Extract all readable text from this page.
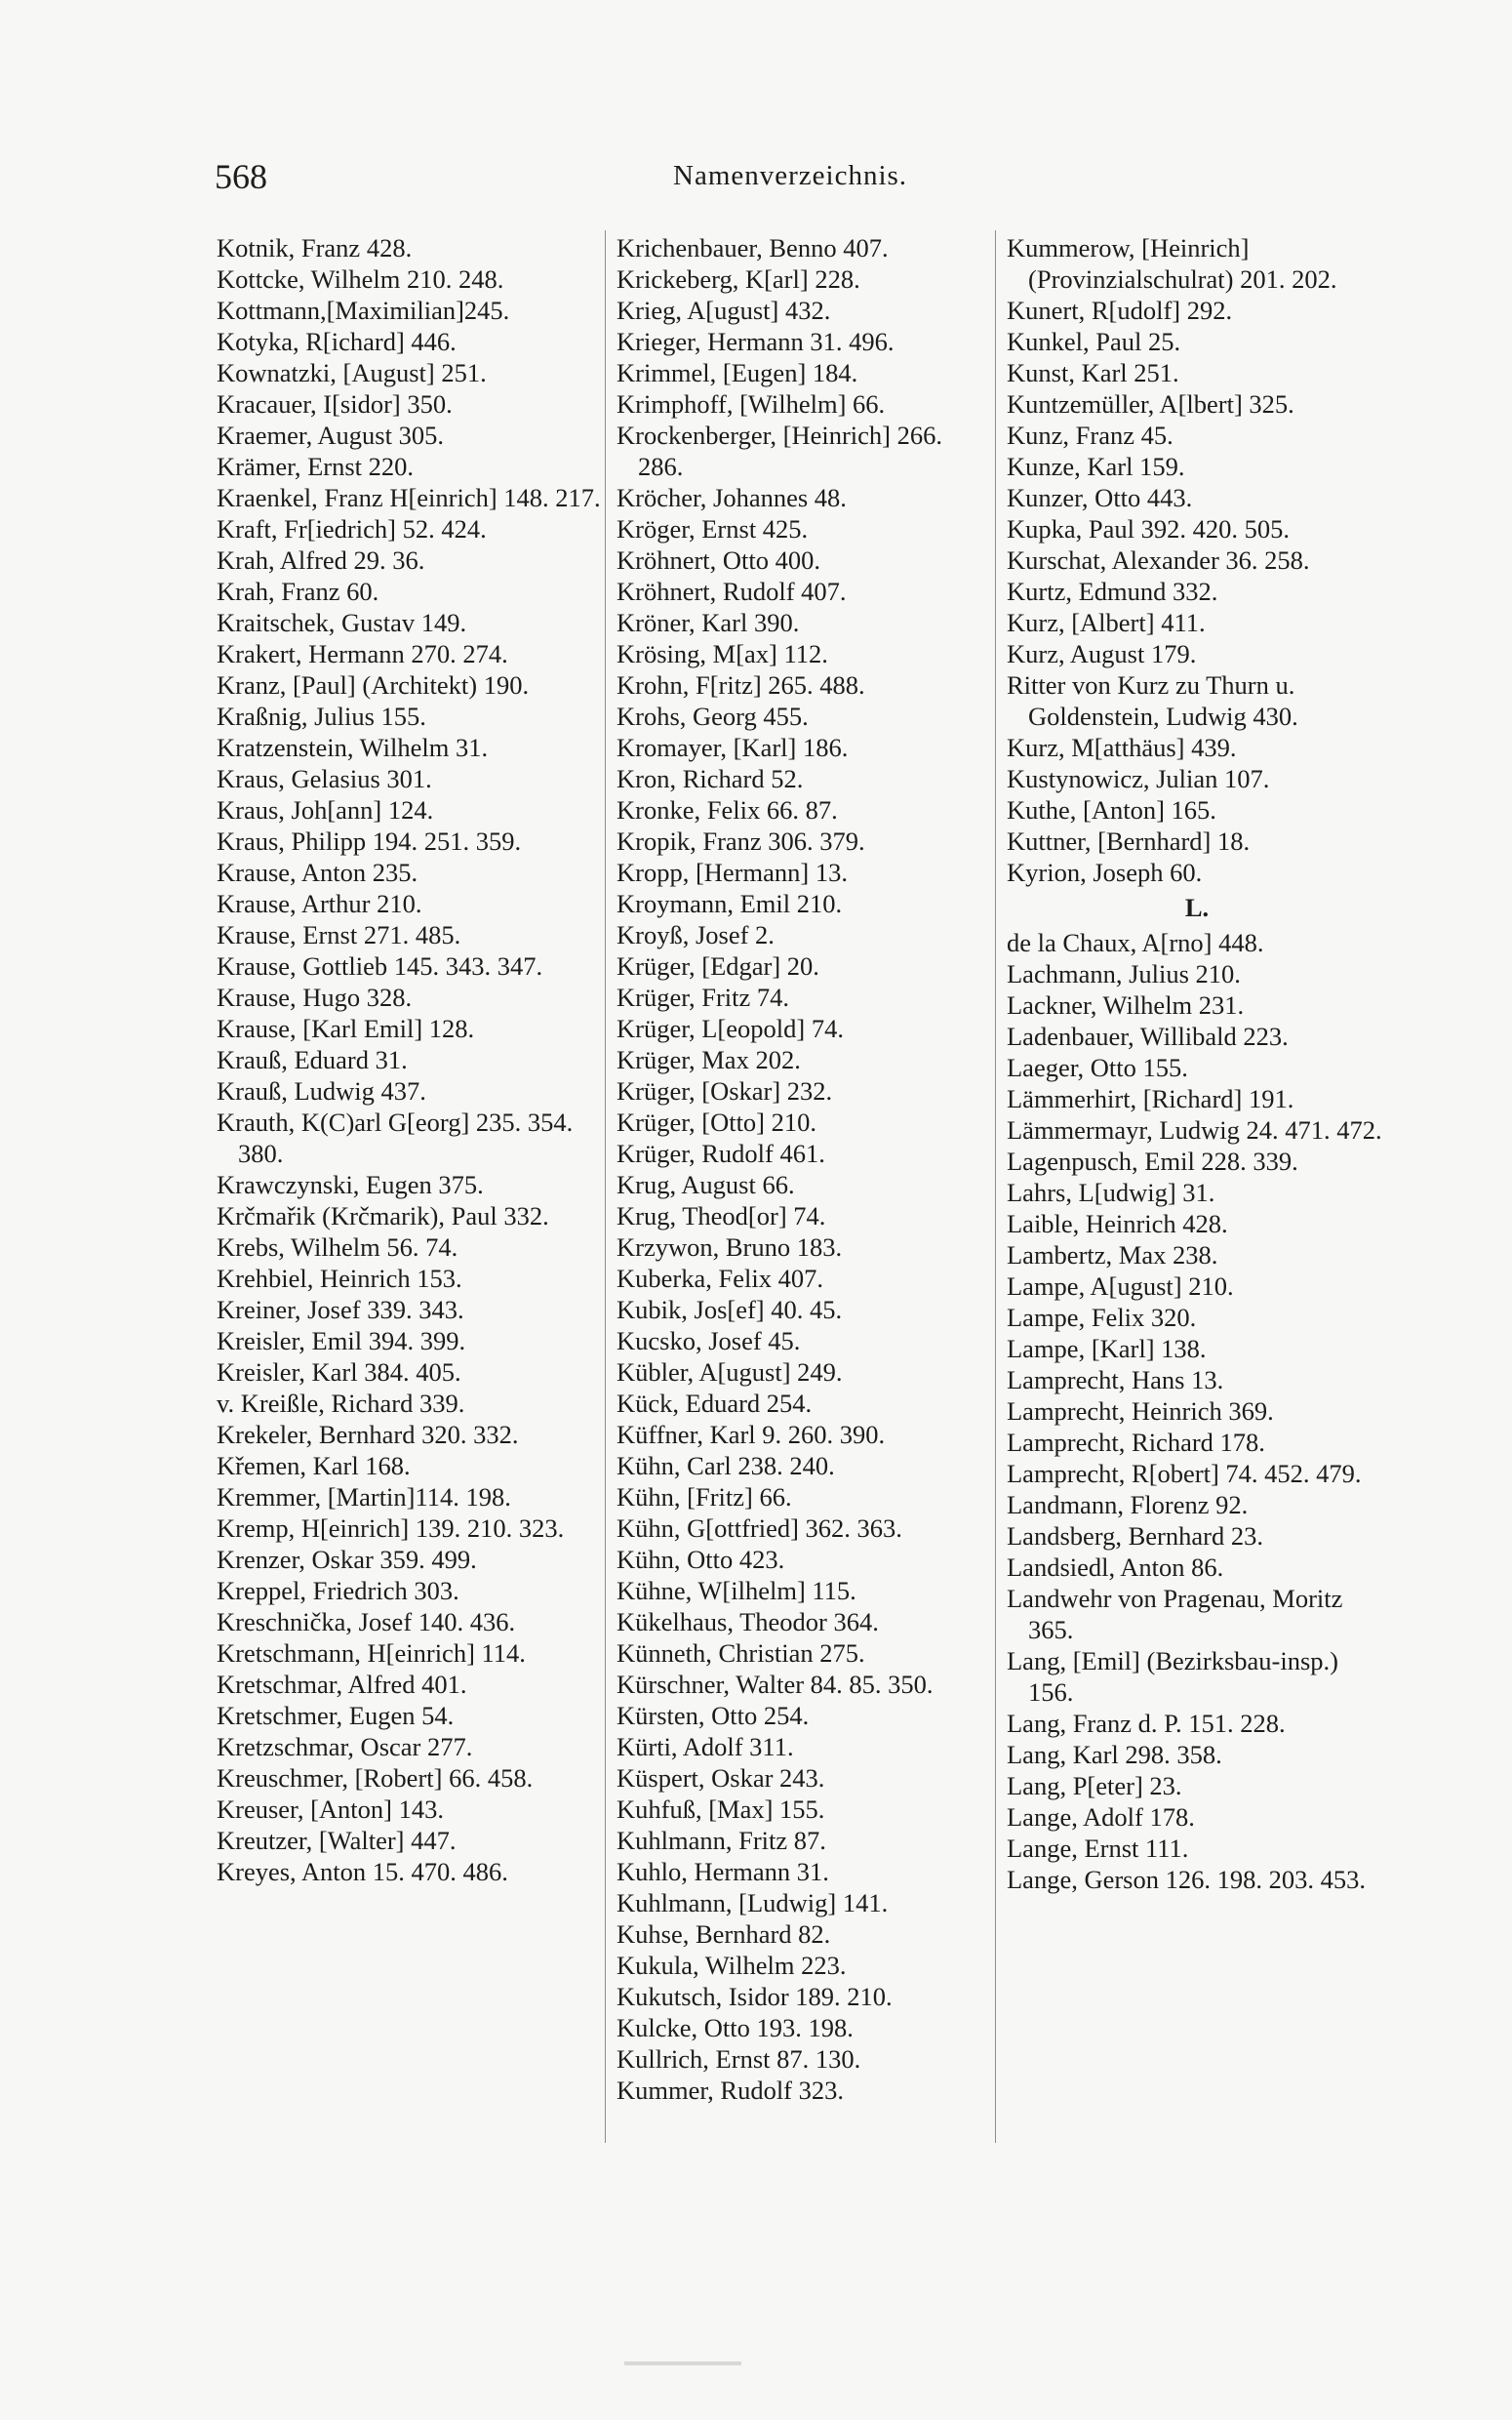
568	Namenverzeichnis.
Kotnik, Franz 428.
Kottcke, Wilhelm 210. 248.
Kottmann,[Maximilian]245.
Kotyka, R[ichard] 446.
Kownatzki, [August] 251.
Kracauer, I[sidor] 350.
Kraemer, August 305.
Krämer, Ernst 220.
Kraenkel, Franz H[einrich] 148. 217.
Kraft, Fr[iedrich] 52. 424.
Krah, Alfred 29. 36.
Krah, Franz 60.
Kraitschek, Gustav 149.
Krakert, Hermann 270. 274.
Kranz, [Paul] (Architekt) 190.
Kraßnig, Julius 155.
Kratzenstein, Wilhelm 31.
Kraus, Gelasius 301.
Kraus, Joh[ann] 124.
Kraus, Philipp 194. 251. 359.
Krause, Anton 235.
Krause, Arthur 210.
Krause, Ernst 271. 485.
Krause, Gottlieb 145. 343. 347.
Krause, Hugo 328.
Krause, [Karl Emil] 128.
Krauß, Eduard 31.
Krauß, Ludwig 437.
Krauth, K(C)arl G[eorg] 235. 354. 380.
Krawczynski, Eugen 375.
Krčmařik (Krčmarik), Paul 332.
Krebs, Wilhelm 56. 74.
Krehbiel, Heinrich 153.
Kreiner, Josef 339. 343.
Kreisler, Emil 394. 399.
Kreisler, Karl 384. 405.
v. Kreißle, Richard 339.
Krekeler, Bernhard 320. 332.
Křemen, Karl 168.
Kremmer, [Martin]114. 198.
Kremp, H[einrich] 139. 210. 323.
Krenzer, Oskar 359. 499.
Kreppel, Friedrich 303.
Kreschnička, Josef 140. 436.
Kretschmann, H[einrich] 114.
Kretschmar, Alfred 401.
Kretschmer, Eugen 54.
Kretzschmar, Oscar 277.
Kreuschmer, [Robert] 66. 458.
Kreuser, [Anton] 143.
Kreutzer, [Walter] 447.
Kreyes, Anton 15. 470. 486.
Krichenbauer, Benno 407.
Krickeberg, K[arl] 228.
Krieg, A[ugust] 432.
Krieger, Hermann 31. 496.
Krimmel, [Eugen] 184.
Krimphoff, [Wilhelm] 66.
Krockenberger, [Heinrich] 266. 286.
Kröcher, Johannes 48.
Kröger, Ernst 425.
Kröhnert, Otto 400.
Kröhnert, Rudolf 407.
Kröner, Karl 390.
Krösing, M[ax] 112.
Krohn, F[ritz] 265. 488.
Krohs, Georg 455.
Kromayer, [Karl] 186.
Kron, Richard 52.
Kronke, Felix 66. 87.
Kropik, Franz 306. 379.
Kropp, [Hermann] 13.
Kroymann, Emil 210.
Kroyß, Josef 2.
Krüger, [Edgar] 20.
Krüger, Fritz 74.
Krüger, L[eopold] 74.
Krüger, Max 202.
Krüger, [Oskar] 232.
Krüger, [Otto] 210.
Krüger, Rudolf 461.
Krug, August 66.
Krug, Theod[or] 74.
Krzywon, Bruno 183.
Kuberka, Felix 407.
Kubik, Jos[ef] 40. 45.
Kucsko, Josef 45.
Kübler, A[ugust] 249.
Kück, Eduard 254.
Küffner, Karl 9. 260. 390.
Kühn, Carl 238. 240.
Kühn, [Fritz] 66.
Kühn, G[ottfried] 362. 363.
Kühn, Otto 423.
Kühne, W[ilhelm] 115.
Kükelhaus, Theodor 364.
Künneth, Christian 275.
Kürschner, Walter 84. 85. 350.
Kürsten, Otto 254.
Kürti, Adolf 311.
Küspert, Oskar 243.
Kuhfuß, [Max] 155.
Kuhlmann, Fritz 87.
Kuhlo, Hermann 31.
Kuhlmann, [Ludwig] 141.
Kuhse, Bernhard 82.
Kukula, Wilhelm 223.
Kukutsch, Isidor 189. 210.
Kulcke, Otto 193. 198.
Kullrich, Ernst 87. 130.
Kummer, Rudolf 323.
Kummerow, [Heinrich] (Provinzialschulrat) 201. 202.
Kunert, R[udolf] 292.
Kunkel, Paul 25.
Kunst, Karl 251.
Kuntzemüller, A[lbert] 325.
Kunz, Franz 45.
Kunze, Karl 159.
Kunzer, Otto 443.
Kupka, Paul 392. 420. 505.
Kurschat, Alexander 36. 258.
Kurtz, Edmund 332.
Kurz, [Albert] 411.
Kurz, August 179.
Ritter von Kurz zu Thurn u. Goldenstein, Ludwig 430.
Kurz, M[atthäus] 439.
Kustynowicz, Julian 107.
Kuthe, [Anton] 165.
Kuttner, [Bernhard] 18.
Kyrion, Joseph 60.
L.
de la Chaux, A[rno] 448.
Lachmann, Julius 210.
Lackner, Wilhelm 231.
Ladenbauer, Willibald 223.
Laeger, Otto 155.
Lämmerhirt, [Richard] 191.
Lämmermayr, Ludwig 24. 471. 472.
Lagenpusch, Emil 228. 339.
Lahrs, L[udwig] 31.
Laible, Heinrich 428.
Lambertz, Max 238.
Lampe, A[ugust] 210.
Lampe, Felix 320.
Lampe, [Karl] 138.
Lamprecht, Hans 13.
Lamprecht, Heinrich 369.
Lamprecht, Richard 178.
Lamprecht, R[obert] 74. 452. 479.
Landmann, Florenz 92.
Landsberg, Bernhard 23.
Landsiedl, Anton 86.
Landwehr von Pragenau, Moritz 365.
Lang, [Emil] (Bezirksbau-insp.) 156.
Lang, Franz d. P. 151. 228.
Lang, Karl 298. 358.
Lang, P[eter] 23.
Lange, Adolf 178.
Lange, Ernst 111.
Lange, Gerson 126. 198. 203. 453.
